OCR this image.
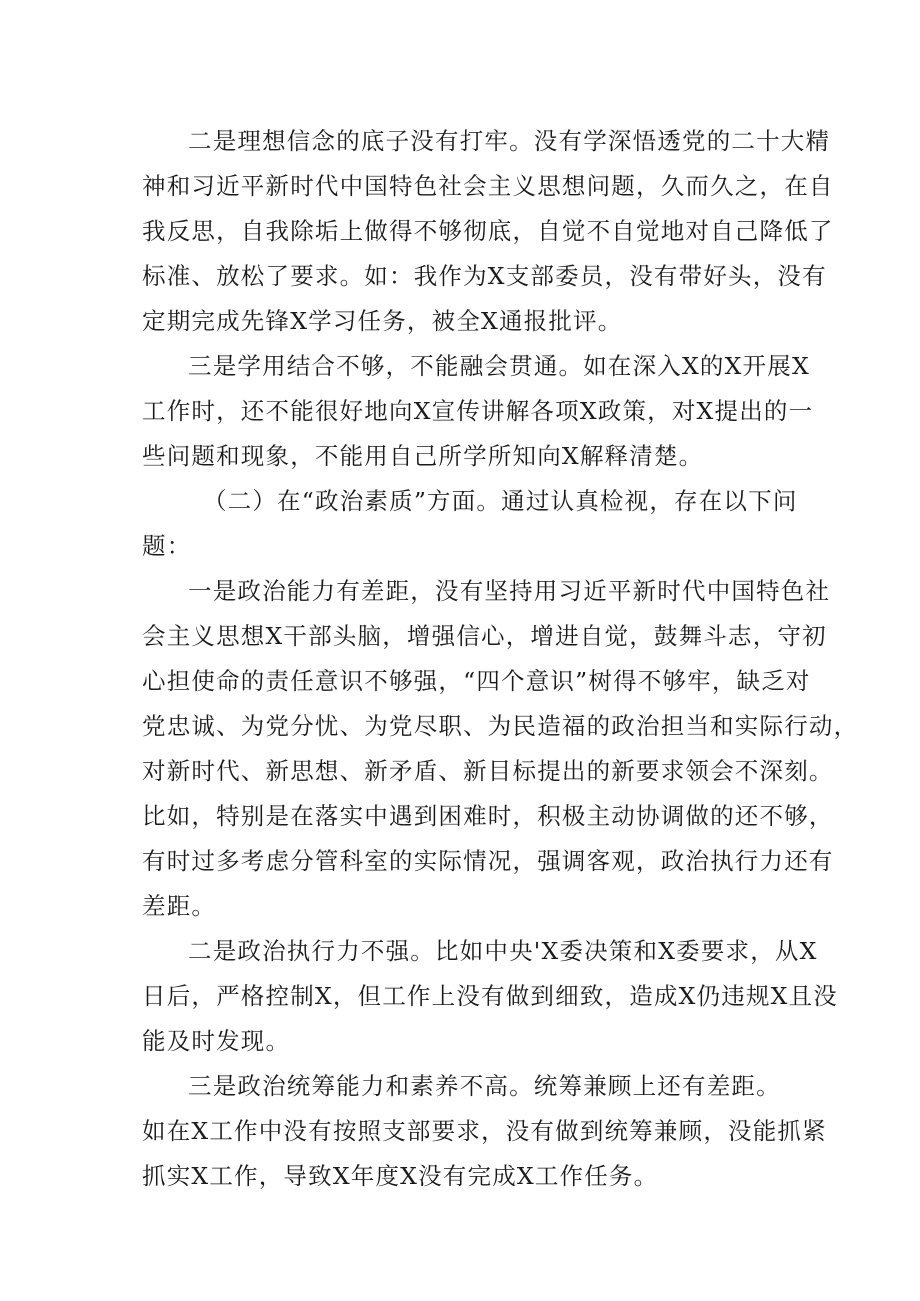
二是理想信念的底子没有打牢。没有学深悟透党的二十大精
神和习近平新时代中国特色社会主义思想问题，久而久之，在自
我反思，自我除垢上做得不够彻底，自觉不自觉地对自己降低了
标准、放松了要求。如：我作为X支部委员，没有带好头，没有
定期完成先锋X学习任务，被全X通报批评。
三是学用结合不够，不能融会贯通。如在深入X的X开展X
工作时，还不能很好地向X宣传讲解各项X政策，对X提出的一
些问题和现象，不能用自己所学所知向X解释清楚。
（二）在“政治素质”方面。通过认真检视，存在以下问
题：
一是政治能力有差距，没有坚持用习近平新时代中国特色社
会主义思想X干部头脑，增强信心，增进自觉，鼓舞斗志，守初
心担使命的责任意识不够强，“四个意识”树得不够牢，缺乏对
党忠诚、为党分忧、为党尽职、为民造福的政治担当和实际行动，
对新时代、新思想、新矛盾、新目标提出的新要求领会不深刻。
比如，特别是在落实中遇到困难时，积极主动协调做的还不够，
有时过多考虑分管科室的实际情况，强调客观，政治执行力还有
差距。
二是政治执行力不强。比如中央'X委决策和X委要求，从X
日后，严格控制X，但工作上没有做到细致，造成X仍违规X且没
能及时发现。
三是政治统筹能力和素养不高。统筹兼顾上还有差距。
如在X工作中没有按照支部要求，没有做到统筹兼顾，没能抓紧
抓实X工作，导致X年度X没有完成X工作任务。
